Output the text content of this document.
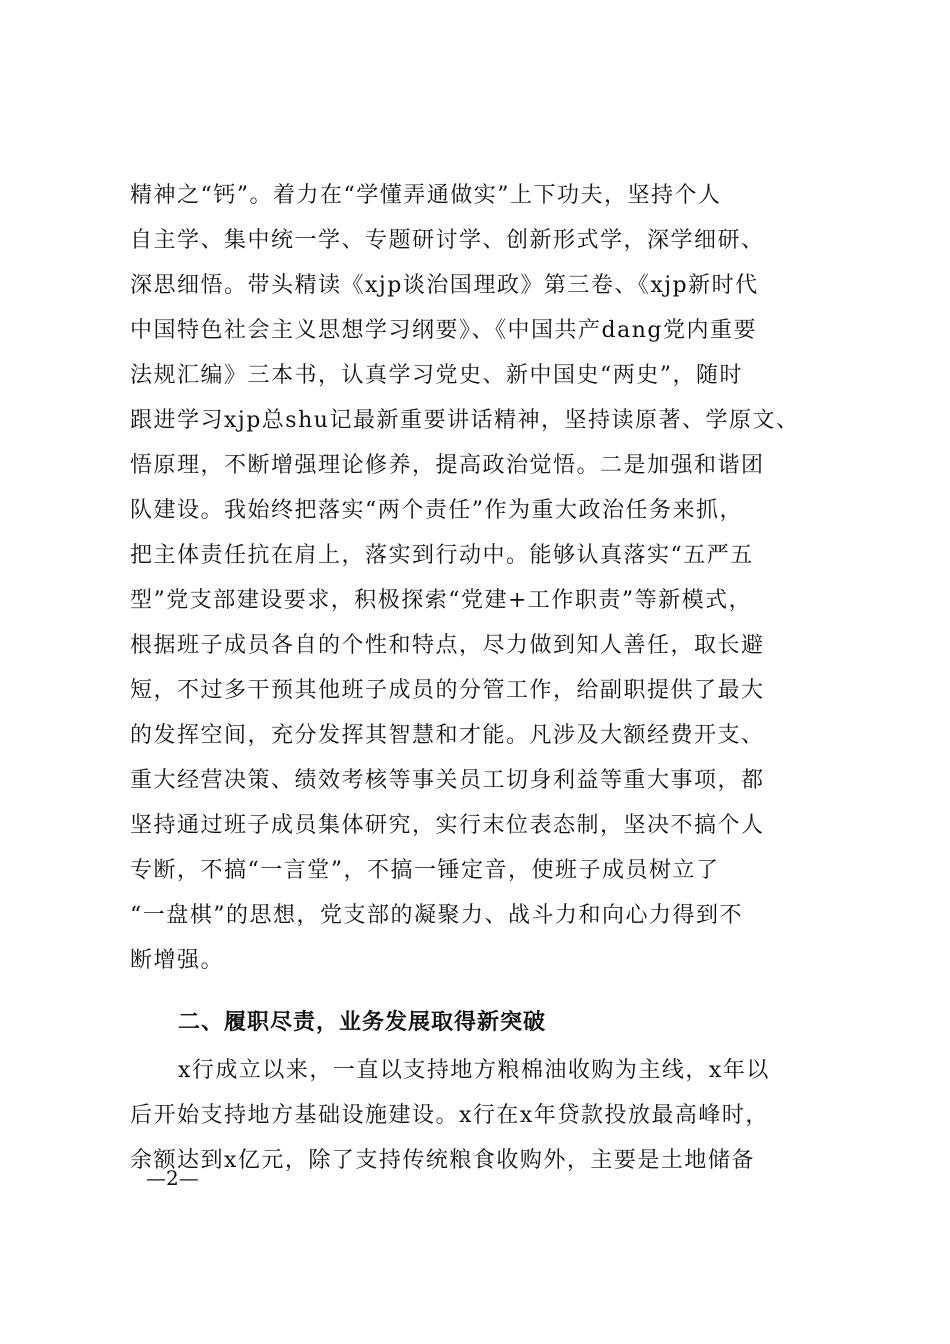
精神之“钙”。着力在“学懂弄通做实”上下功夫，坚持个人
自主学、集中统一学、专题研讨学、创新形式学，深学细研、
深思细悟。带头精读《xjp谈治国理政》第三卷、《xjp新时代
中国特色社会主义思想学习纲要》、《中国共产dang党内重要
法规汇编》三本书，认真学习党史、新中国史“两史”，随时
跟进学习xjp总shu记最新重要讲话精神，坚持读原著、学原文、
悟原理，不断增强理论修养，提高政治觉悟。二是加强和谐团
队建设。我始终把落实“两个责任”作为重大政治任务来抓，
把主体责任抗在肩上，落实到行动中。能够认真落实“五严五
型”党支部建设要求，积极探索“党建+工作职责”等新模式，
根据班子成员各自的个性和特点，尽力做到知人善任，取长避
短，不过多干预其他班子成员的分管工作，给副职提供了最大
的发挥空间，充分发挥其智慧和才能。凡涉及大额经费开支、
重大经营决策、绩效考核等事关员工切身利益等重大事项，都
坚持通过班子成员集体研究，实行末位表态制，坚决不搞个人
专断，不搞“一言堂”，不搞一锤定音，使班子成员树立了
“一盘棋”的思想，党支部的凝聚力、战斗力和向心力得到不
断增强。
二、履职尽责，业务发展取得新突破
x行成立以来，一直以支持地方粮棉油收购为主线，x年以
后开始支持地方基础设施建设。x行在x年贷款投放最高峰时，
余额达到x亿元，除了支持传统粮食收购外，主要是土地储备
—2—
